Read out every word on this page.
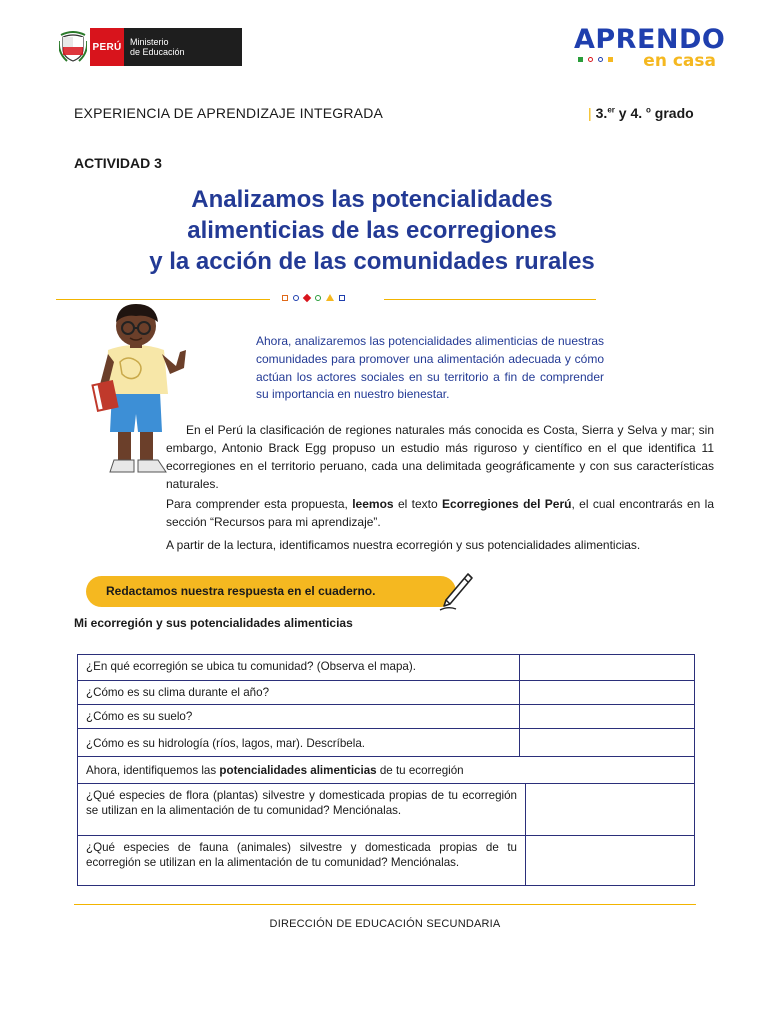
PERÚ Ministerio
de Educación	APRENDO
en casa
EXPERIENCIA DE APRENDIZAJE INTEGRADA	| 3.$^{er}$ y 4. $^o$ grado
ACTIVIDAD 3
Analizamos las potencialidades
alimenticias de las ecorregiones
y la acción de las comunidades rurales
Ahora, analizaremos las potencialidades alimenticias de nuestras comunidades para promover una alimentación adecuada y cómo actúan los actores sociales en su territorio a fin de comprender su importancia en nuestro bienestar.
En el Perú la clasificación de regiones naturales más conocida es Costa, Sierra y Selva y mar; sin embargo, Antonio Brack Egg propuso un estudio más riguroso y científico en el que identifica 11 ecorregiones en el territorio peruano, cada una delimitada geográficamente y con sus características naturales.
Para comprender esta propuesta, leemos el texto Ecorregiones del Perú, el cual encontrarás en la sección “Recursos para mi aprendizaje”.
A partir de la lectura, identificamos nuestra ecorregión y sus potencialidades alimenticias.
Redactamos nuestra respuesta en el cuaderno.
Mi ecorregión y sus potencialidades alimenticias
¿En qué ecorregión se ubica tu comunidad? (Observa el mapa).
¿Cómo es su clima durante el año?
¿Cómo es su suelo?
¿Cómo es su hidrología (ríos, lagos, mar). Descríbela.
Ahora, identifiquemos las potencialidades alimenticias de tu ecorregión
¿Qué especies de flora (plantas) silvestre y domesticada propias de tu ecorregión se utilizan en la alimentación de tu comunidad? Menciónalas.
¿Qué especies de fauna (animales) silvestre y domesticada propias de tu ecorregión se utilizan en la alimentación de tu comunidad? Menciónalas.
DIRECCIÓN DE EDUCACIÓN SECUNDARIA
